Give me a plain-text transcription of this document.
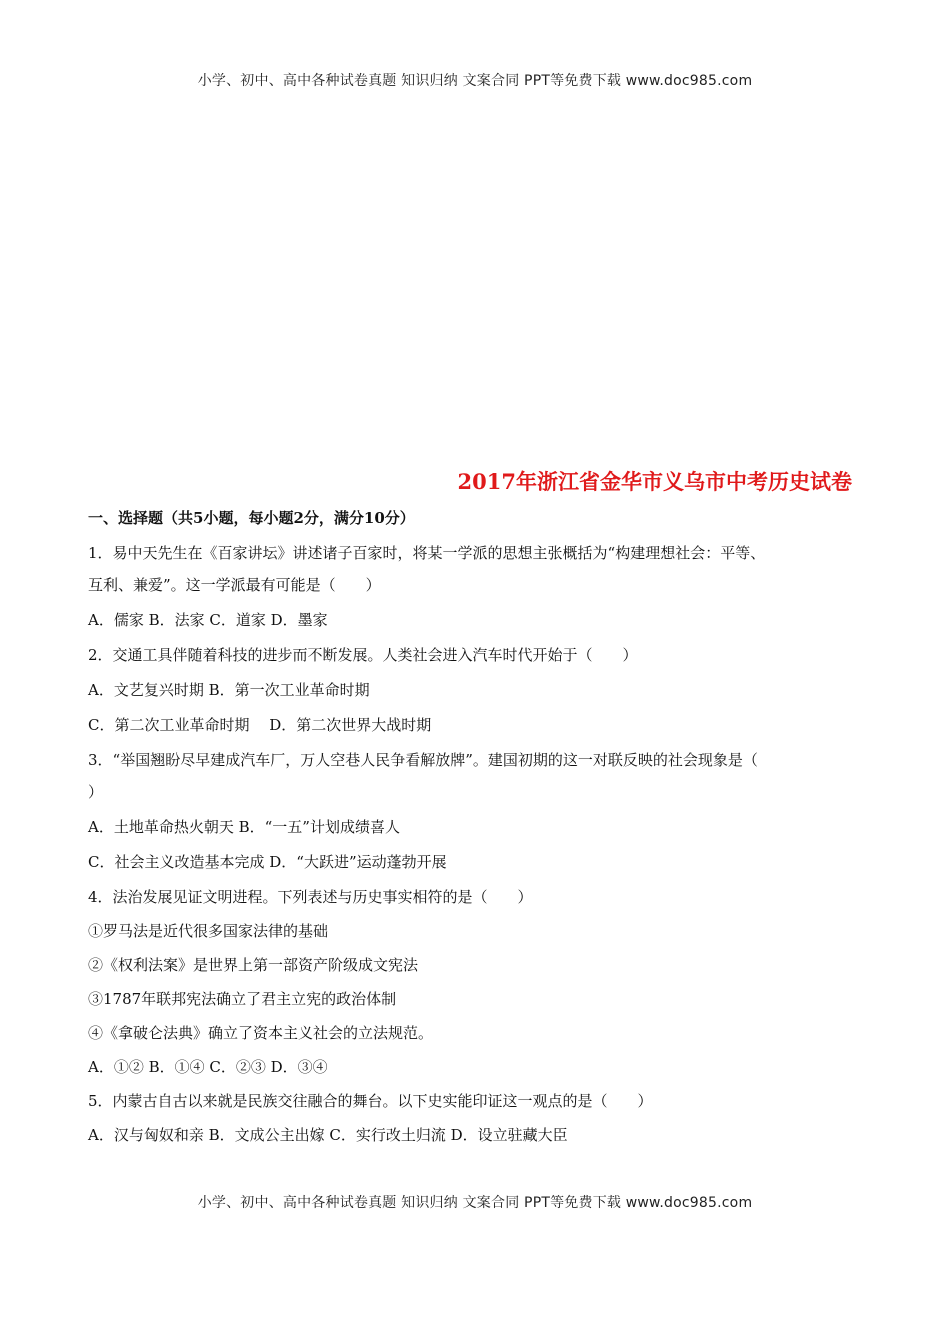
小学、初中、高中各种试卷真题 知识归纳 文案合同 PPT等免费下载 www.doc985.com
2017年浙江省金华市义乌市中考历史试卷
一、选择题（共5小题，每小题2分，满分10分）
1．易中天先生在《百家讲坛》讲述诸子百家时，将某一学派的思想主张概括为“构建理想社会：平等、
互利、兼爱”。这一学派最有可能是（　　）
A．儒家 B．法家 C．道家 D．墨家
2．交通工具伴随着科技的进步而不断发展。人类社会进入汽车时代开始于（　　）
A．文艺复兴时期 B．第一次工业革命时期
C．第二次工业革命时期　 D．第二次世界大战时期
3．“举国翘盼尽早建成汽车厂，万人空巷人民争看解放牌”。建国初期的这一对联反映的社会现象是（
）
A．土地革命热火朝天 B．“一五”计划成绩喜人
C．社会主义改造基本完成 D．“大跃进”运动蓬勃开展
4．法治发展见证文明进程。下列表述与历史事实相符的是（　　）
①罗马法是近代很多国家法律的基础
②《权利法案》是世界上第一部资产阶级成文宪法
③1787年联邦宪法确立了君主立宪的政治体制
④《拿破仑法典》确立了资本主义社会的立法规范。
A．①② B．①④ C．②③ D．③④
5．内蒙古自古以来就是民族交往融合的舞台。以下史实能印证这一观点的是（　　）
A．汉与匈奴和亲 B．文成公主出嫁 C．实行改土归流 D．设立驻藏大臣
小学、初中、高中各种试卷真题 知识归纳 文案合同 PPT等免费下载 www.doc985.com
